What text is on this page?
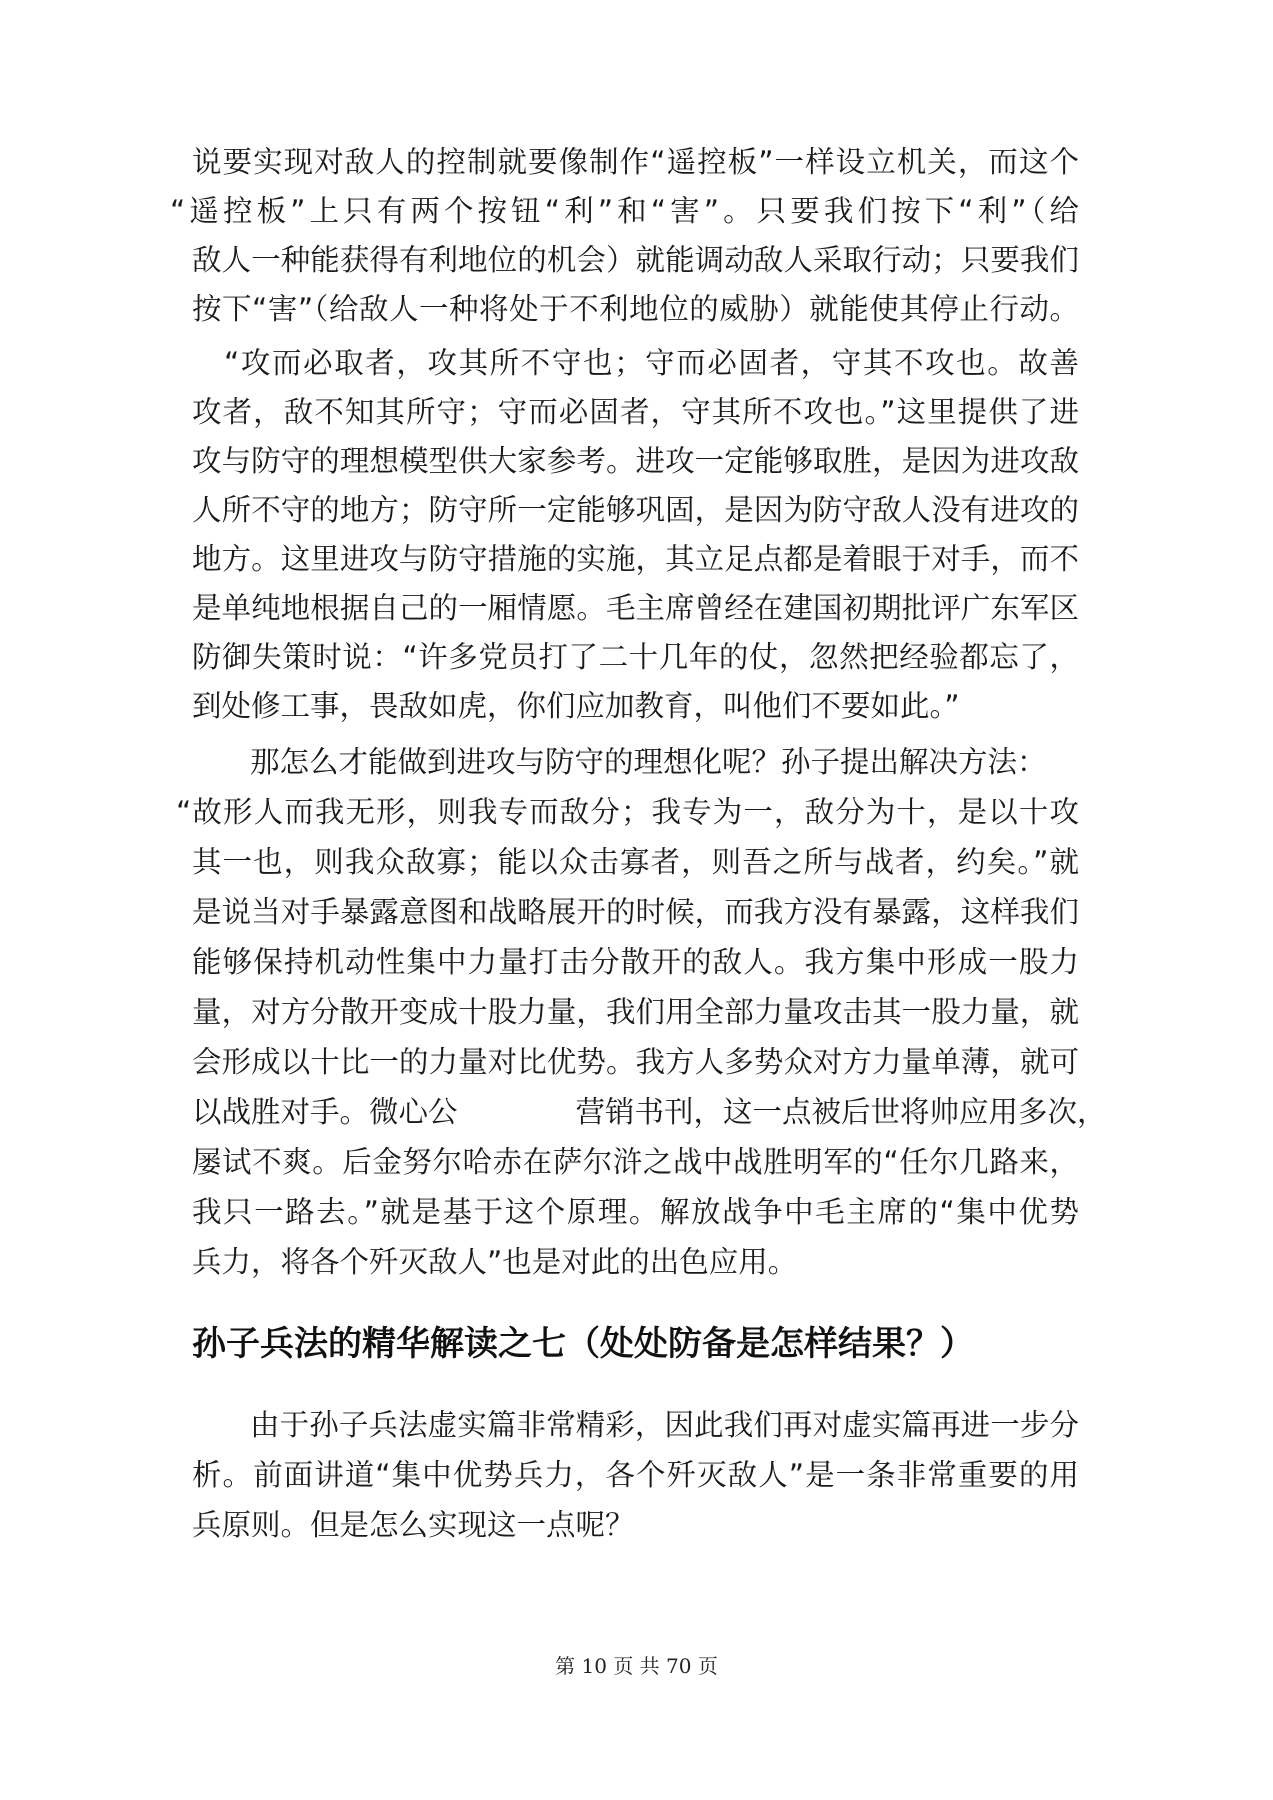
说要实现对敌人的控制就要像制作“遥控板”一样设立机关，而这个
“遥控板”上只有两个按钮“利”和“害”。只要我们按下“利”（给
敌人一种能获得有利地位的机会）就能调动敌人采取行动；只要我们
按下“害”（给敌人一种将处于不利地位的威胁）就能使其停止行动。
“攻而必取者，攻其所不守也；守而必固者，守其不攻也。故善
攻者，敌不知其所守；守而必固者，守其所不攻也。”这里提供了进
攻与防守的理想模型供大家参考。进攻一定能够取胜，是因为进攻敌
人所不守的地方；防守所一定能够巩固，是因为防守敌人没有进攻的
地方。这里进攻与防守措施的实施，其立足点都是着眼于对手，而不
是单纯地根据自己的一厢情愿。毛主席曾经在建国初期批评广东军区
防御失策时说：“许多党员打了二十几年的仗，忽然把经验都忘了，
到处修工事，畏敌如虎，你们应加教育，叫他们不要如此。”
那怎么才能做到进攻与防守的理想化呢？孙子提出解决方法：
“故形人而我无形，则我专而敌分；我专为一，敌分为十，是以十攻
其一也，则我众敌寡；能以众击寡者，则吾之所与战者，约矣。”就
是说当对手暴露意图和战略展开的时候，而我方没有暴露，这样我们
能够保持机动性集中力量打击分散开的敌人。我方集中形成一股力
量，对方分散开变成十股力量，我们用全部力量攻击其一股力量，就
会形成以十比一的力量对比优势。我方人多势众对方力量单薄，就可
以战胜对手。微心公　　　　营销书刊，这一点被后世将帅应用多次，
屡试不爽。后金努尔哈赤在萨尔浒之战中战胜明军的“任尔几路来，
我只一路去。”就是基于这个原理。解放战争中毛主席的“集中优势
兵力，将各个歼灭敌人”也是对此的出色应用。
孙子兵法的精华解读之七（处处防备是怎样结果？）
由于孙子兵法虚实篇非常精彩，因此我们再对虚实篇再进一步分
析。前面讲道“集中优势兵力，各个歼灭敌人”是一条非常重要的用
兵原则。但是怎么实现这一点呢？
第 10 页 共 70 页
